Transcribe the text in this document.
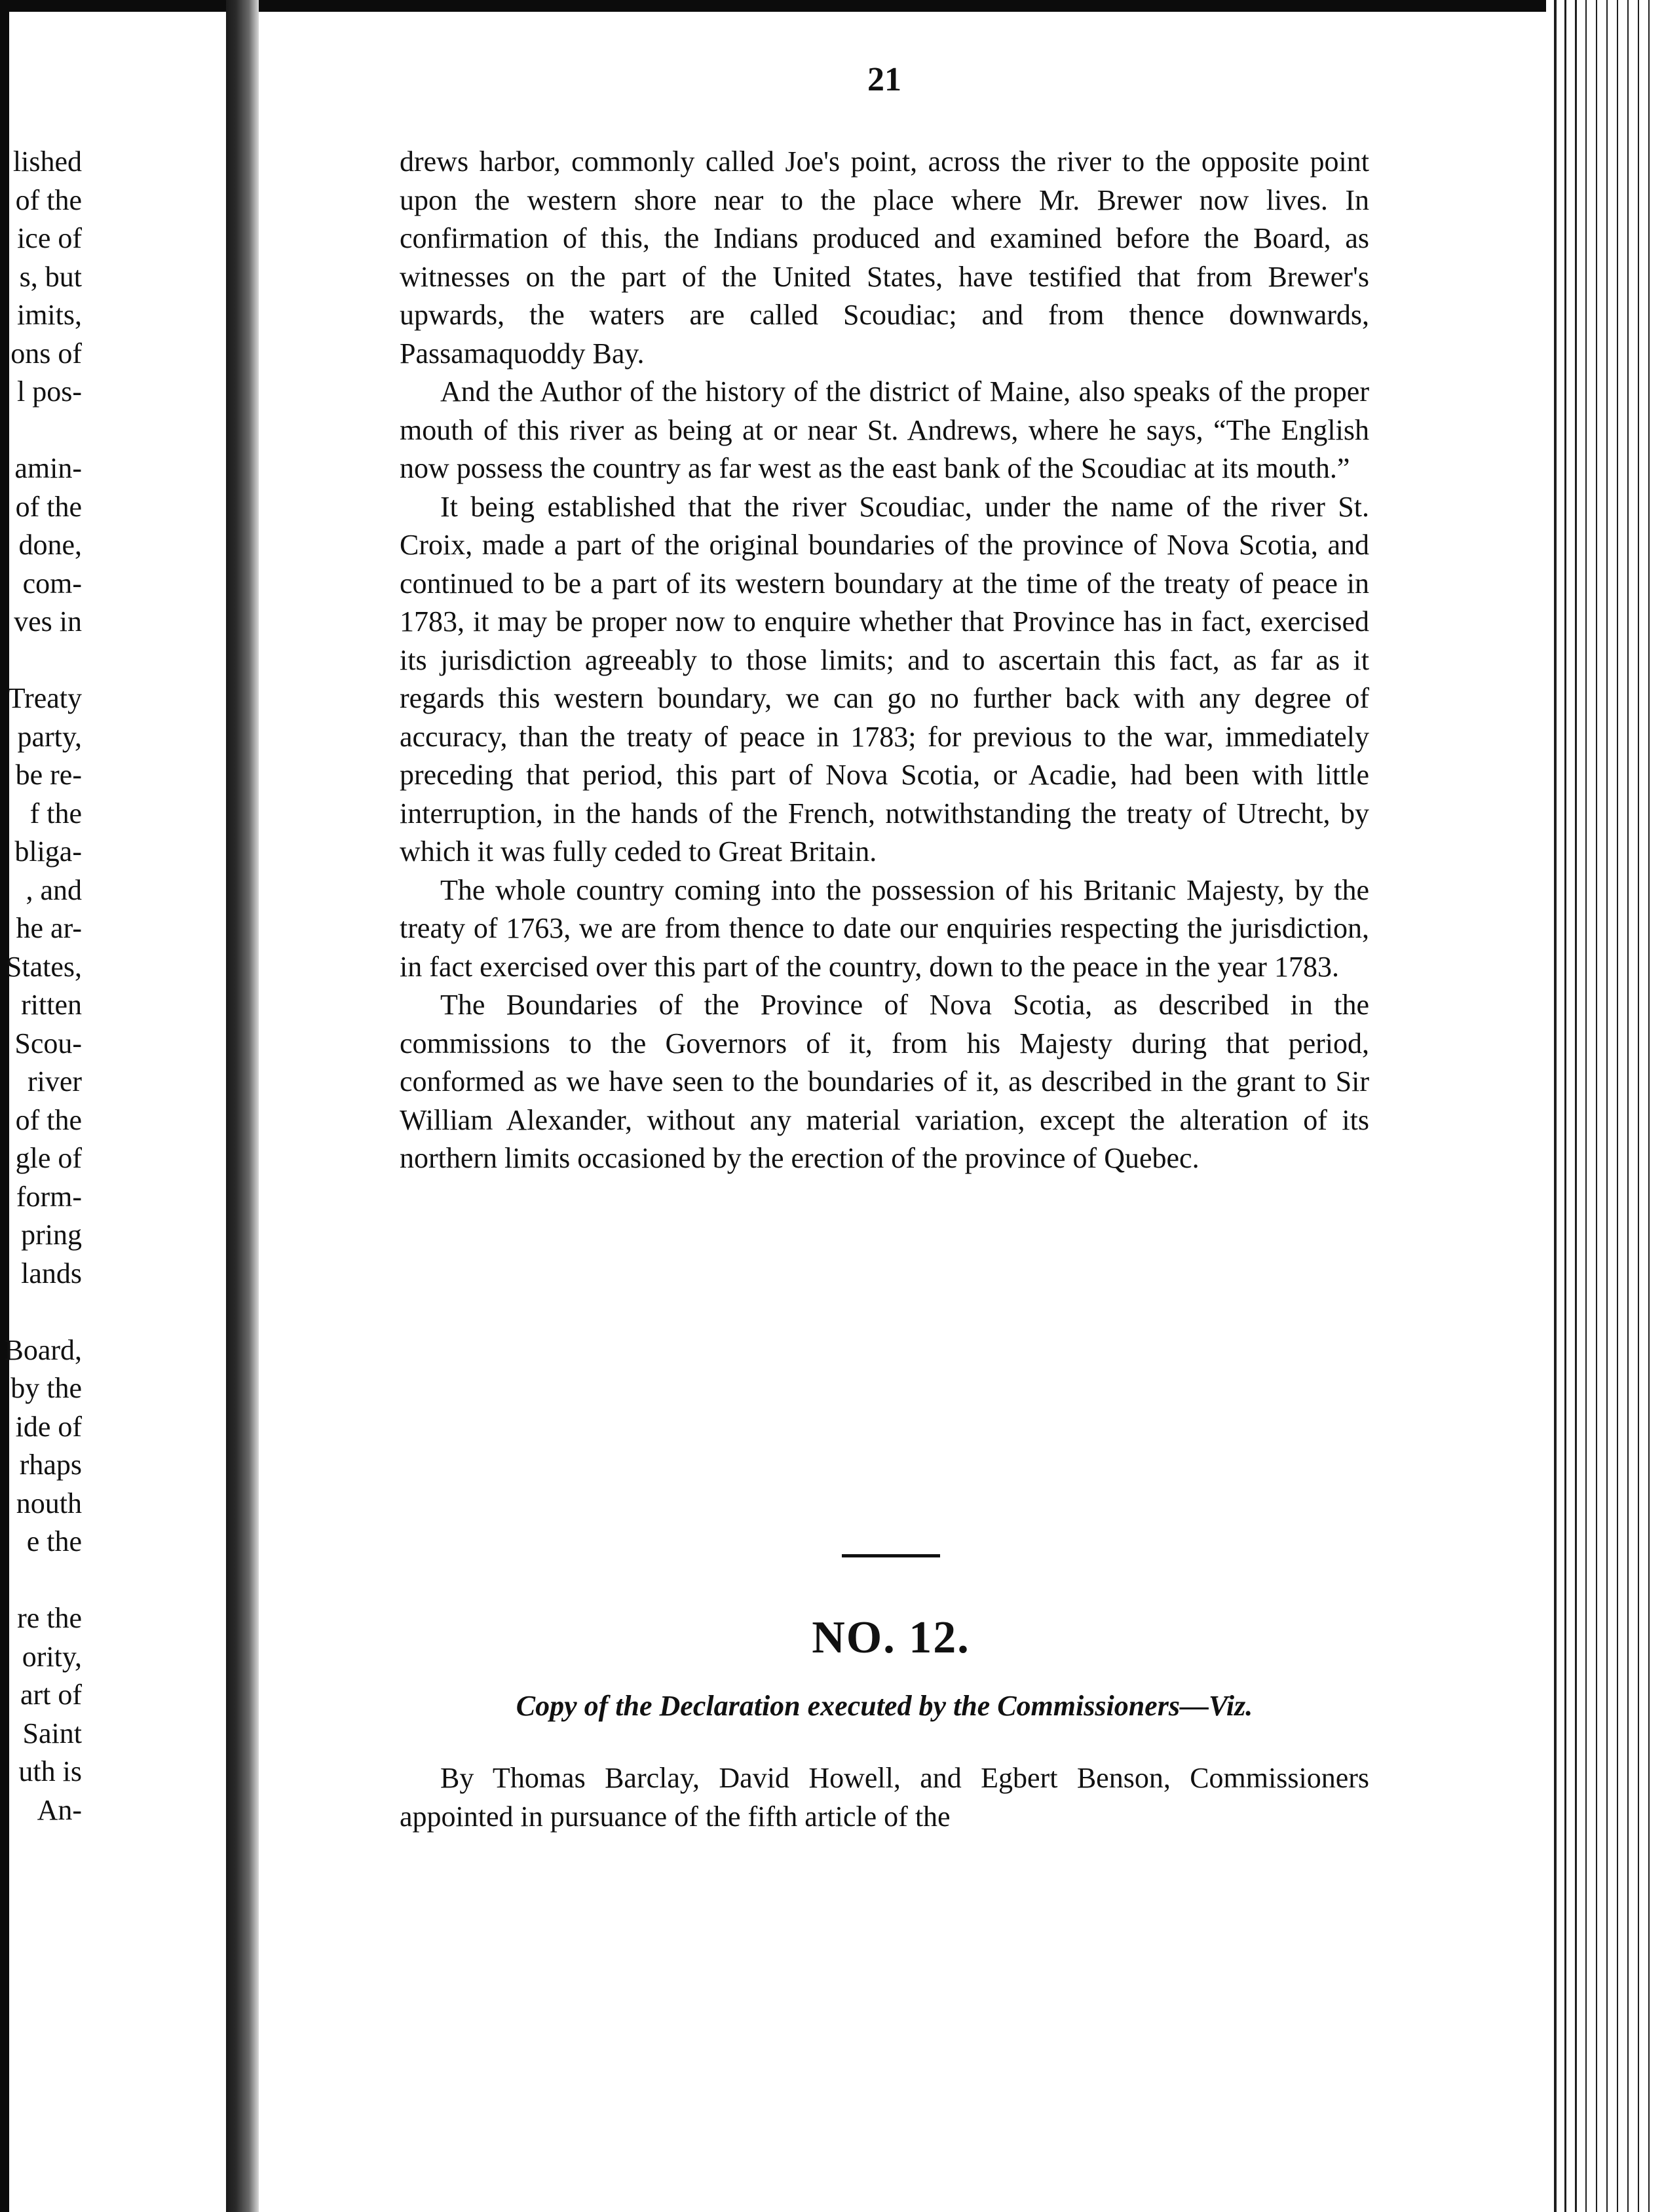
lished
of the
ice of
s, but
imits,
ons of
l pos-
amin-
of the
done,
com-
ves in
Treaty
party,
be re-
f the
bliga-
, and
he ar-
States,
ritten
Scou-
river
of the
gle of
form-
pring
lands
Board,
by the
ide of
rhaps
nouth
e the
re the
ority,
art of
Saint
uth is
An-
21

drews harbor, commonly called Joe's point, across the river to the opposite point upon the western shore near to the place where Mr. Brewer now lives. In confirmation of this, the Indians produced and examined before the Board, as witnesses on the part of the United States, have testified that from Brewer's upwards, the waters are called Scoudiac; and from thence downwards, Passamaquoddy Bay.

And the Author of the history of the district of Maine, also speaks of the proper mouth of this river as being at or near St. Andrews, where he says, “The English now possess the country as far west as the east bank of the Scoudiac at its mouth.”

It being established that the river Scoudiac, under the name of the river St. Croix, made a part of the original boundaries of the province of Nova Scotia, and continued to be a part of its western boundary at the time of the treaty of peace in 1783, it may be proper now to enquire whether that Province has in fact, exercised its jurisdiction agreeably to those limits; and to ascertain this fact, as far as it regards this western boundary, we can go no further back with any degree of accuracy, than the treaty of peace in 1783; for previous to the war, immediately preceding that period, this part of Nova Scotia, or Acadie, had been with little interruption, in the hands of the French, notwithstanding the treaty of Utrecht, by which it was fully ceded to Great Britain.

The whole country coming into the possession of his Britanic Majesty, by the treaty of 1763, we are from thence to date our enquiries respecting the jurisdiction, in fact exercised over this part of the country, down to the peace in the year 1783.

The Boundaries of the Province of Nova Scotia, as described in the commissions to the Governors of it, from his Majesty during that period, conformed as we have seen to the boundaries of it, as described in the grant to Sir William Alexander, without any material variation, except the alteration of its northern limits occasioned by the erection of the province of Quebec.

NO. 12.
Copy of the Declaration executed by the Commissioners—Viz.

By Thomas Barclay, David Howell, and Egbert Benson, Commissioners appointed in pursuance of the fifth article of the
